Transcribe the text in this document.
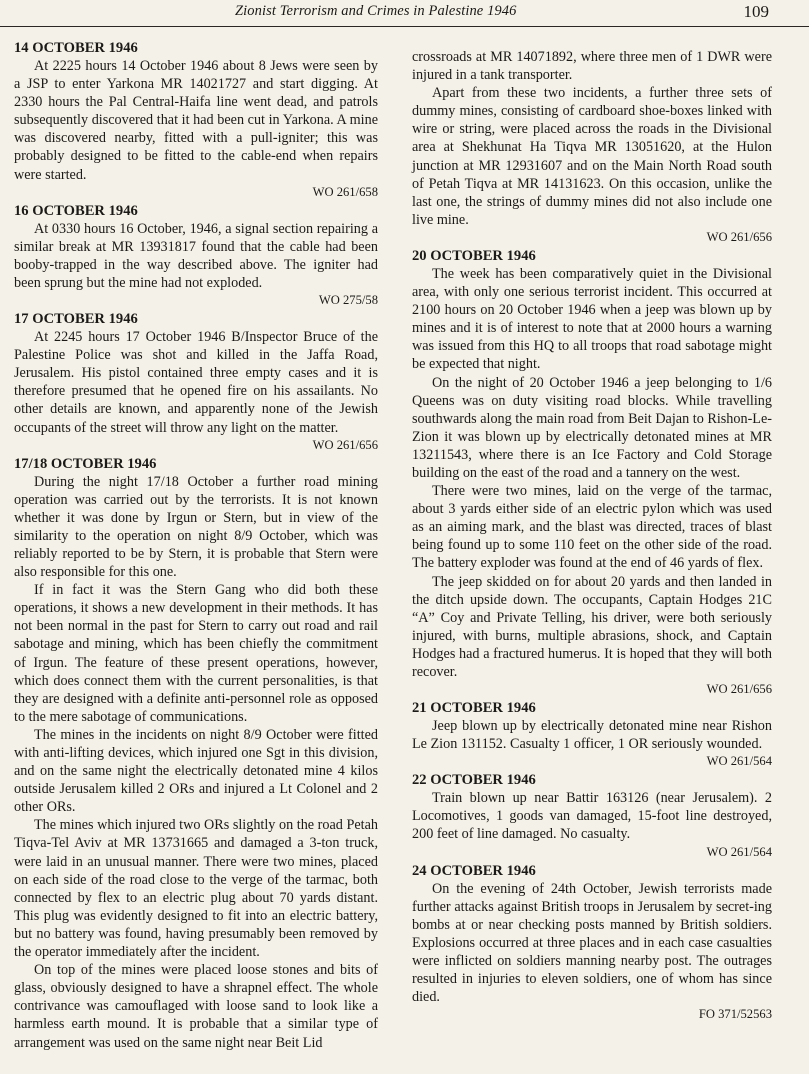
Zionist Terrorism and Crimes in Palestine 1946	109
14 OCTOBER 1946

At 2225 hours 14 October 1946 about 8 Jews were seen by a JSP to enter Yarkona MR 14021727 and start digging. At 2330 hours the Pal Central-Haifa line went dead, and patrols subsequently discovered that it had been cut in Yarkona. A mine was discovered nearby, fitted with a pull-igniter; this was probably designed to be fitted to the cable-end when repairs were started.

WO 261/658
16 OCTOBER 1946

At 0330 hours 16 October, 1946, a signal section repairing a similar break at MR 13931817 found that the cable had been booby-trapped in the way described above. The igniter had been sprung but the mine had not exploded.

WO 275/58
17 OCTOBER 1946

At 2245 hours 17 October 1946 B/Inspector Bruce of the Palestine Police was shot and killed in the Jaffa Road, Jerusalem. His pistol contained three empty cases and it is therefore presumed that he opened fire on his assailants. No other details are known, and apparently none of the Jewish occupants of the street will throw any light on the matter.

WO 261/656
17/18 OCTOBER 1946

During the night 17/18 October a further road mining operation was carried out by the terrorists. It is not known whether it was done by Irgun or Stern, but in view of the similarity to the operation on night 8/9 October, which was reliably reported to be by Stern, it is probable that Stern were also responsible for this one.

If in fact it was the Stern Gang who did both these operations, it shows a new development in their methods. It has not been normal in the past for Stern to carry out road and rail sabotage and mining, which has been chiefly the commitment of Irgun. The feature of these present operations, however, which does connect them with the current personalities, is that they are designed with a definite anti-personnel role as opposed to the mere sabotage of communications.

The mines in the incidents on night 8/9 October were fitted with anti-lifting devices, which injured one Sgt in this division, and on the same night the electrically detonated mine 4 kilos outside Jerusalem killed 2 ORs and injured a Lt Colonel and 2 other ORs.

The mines which injured two ORs slightly on the road Petah Tiqva-Tel Aviv at MR 13731665 and damaged a 3-ton truck, were laid in an unusual manner. There were two mines, placed on each side of the road close to the verge of the tarmac, both connected by flex to an electric plug about 70 yards distant. This plug was evidently designed to fit into an electric battery, but no battery was found, having presumably been removed by the operator immediately after the incident.

On top of the mines were placed loose stones and bits of glass, obviously designed to have a shrapnel effect. The whole contrivance was camouflaged with loose sand to look like a harmless earth mound. It is probable that a similar type of arrangement was used on the same night near Beit Lid

crossroads at MR 14071892, where three men of 1 DWR were injured in a tank transporter.

Apart from these two incidents, a further three sets of dummy mines, consisting of cardboard shoe-boxes linked with wire or string, were placed across the roads in the Divisional area at Shekhunat Ha Tiqva MR 13051620, at the Hulon junction at MR 12931607 and on the Main North Road south of Petah Tiqva at MR 14131623. On this occasion, unlike the last one, the strings of dummy mines did not also include one live mine.

WO 261/656
20 OCTOBER 1946

The week has been comparatively quiet in the Divisional area, with only one serious terrorist incident. This occurred at 2100 hours on 20 October 1946 when a jeep was blown up by mines and it is of interest to note that at 2000 hours a warning was issued from this HQ to all troops that road sabotage might be expected that night.

On the night of 20 October 1946 a jeep belonging to 1/6 Queens was on duty visiting road blocks. While travelling southwards along the main road from Beit Dajan to Rishon-Le-Zion it was blown up by electrically detonated mines at MR 13211543, where there is an Ice Factory and Cold Storage building on the east of the road and a tannery on the west.

There were two mines, laid on the verge of the tarmac, about 3 yards either side of an electric pylon which was used as an aiming mark, and the blast was directed, traces of blast being found up to some 110 feet on the other side of the road. The battery exploder was found at the end of 46 yards of flex.

The jeep skidded on for about 20 yards and then landed in the ditch upside down. The occupants, Captain Hodges 21C “A” Coy and Private Telling, his driver, were both seriously injured, with burns, multiple abrasions, shock, and Captain Hodges had a fractured humerus. It is hoped that they will both recover.

WO 261/656
21 OCTOBER 1946

Jeep blown up by electrically detonated mine near Rishon Le Zion 131152. Casualty 1 officer, 1 OR seriously wounded.

WO 261/564
22 OCTOBER 1946

Train blown up near Battir 163126 (near Jerusalem). 2 Locomotives, 1 goods van damaged, 15-foot line destroyed, 200 feet of line damaged. No casualty.

WO 261/564
24 OCTOBER 1946

On the evening of 24th October, Jewish terrorists made further attacks against British troops in Jerusalem by secret-ing bombs at or near checking posts manned by British soldiers. Explosions occurred at three places and in each case casualties were inflicted on soldiers manning nearby post. The outrages resulted in injuries to eleven soldiers, one of whom has since died.

FO 371/52563
